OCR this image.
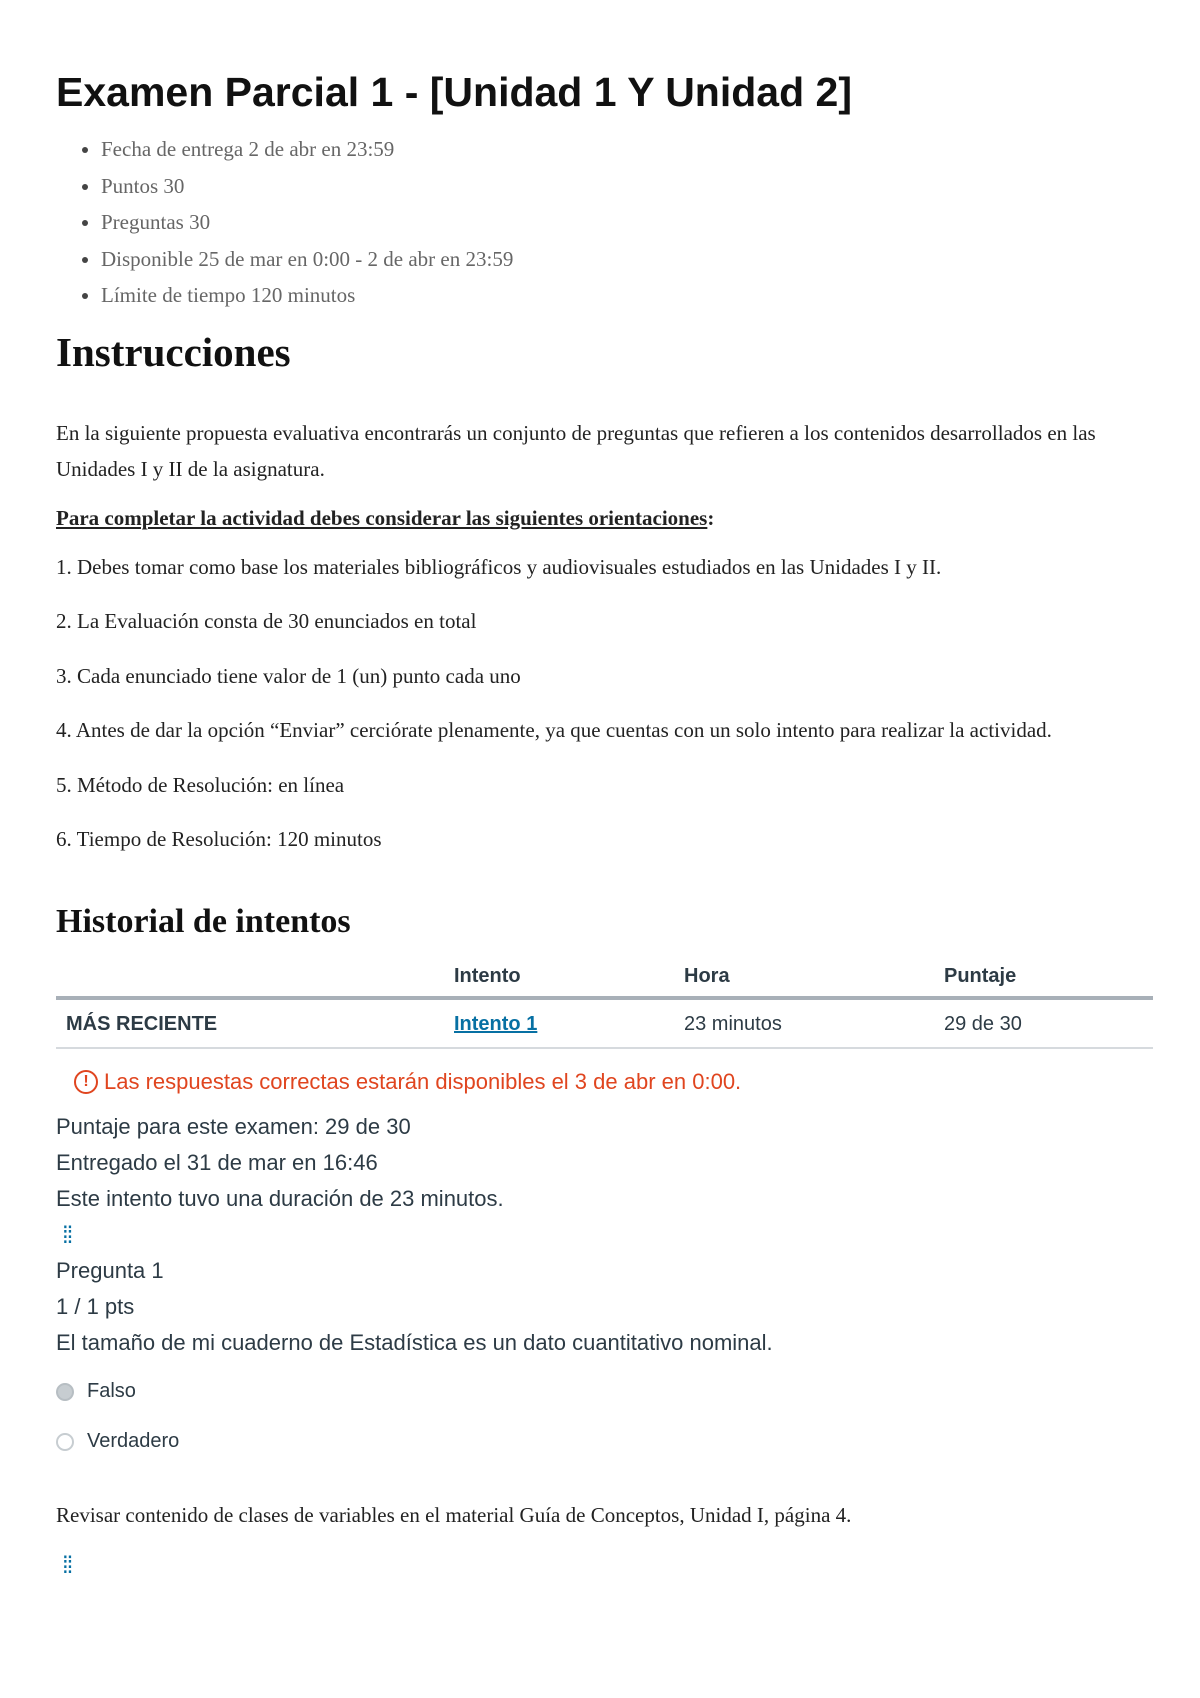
Examen Parcial 1 - [Unidad 1 Y Unidad 2]
• Fecha de entrega 2 de abr en 23:59
• Puntos 30
• Preguntas 30
• Disponible 25 de mar en 0:00 - 2 de abr en 23:59
• Límite de tiempo 120 minutos
Instrucciones

En la siguiente propuesta evaluativa encontrarás un conjunto de preguntas que refieren a los contenidos desarrollados en las Unidades I y II de la asignatura.

Para completar la actividad debes considerar las siguientes orientaciones:

1. Debes tomar como base los materiales bibliográficos y audiovisuales estudiados en las Unidades I y II.

2. La Evaluación consta de 30 enunciados en total

3. Cada enunciado tiene valor de 1 (un) punto cada uno

4. Antes de dar la opción “Enviar” cerciórate plenamente, ya que cuentas con un solo intento para realizar la actividad.

5. Método de Resolución: en línea

6. Tiempo de Resolución: 120 minutos

Historial de intentos
	Intento	Hora	Puntaje
MÁS RECIENTE	Intento 1	23 minutos	29 de 30
! Las respuestas correctas estarán disponibles el 3 de abr en 0:00.

Puntaje para este examen: 29 de 30

Entregado el 31 de mar en 16:46

Este intento tuvo una duración de 23 minutos.

⁞⁞

Pregunta 1

1 / 1 pts

El tamaño de mi cuaderno de Estadística es un dato cuantitativo nominal.

Falso
Verdadero

Revisar contenido de clases de variables en el material Guía de Conceptos, Unidad I, página 4.

⁞⁞
